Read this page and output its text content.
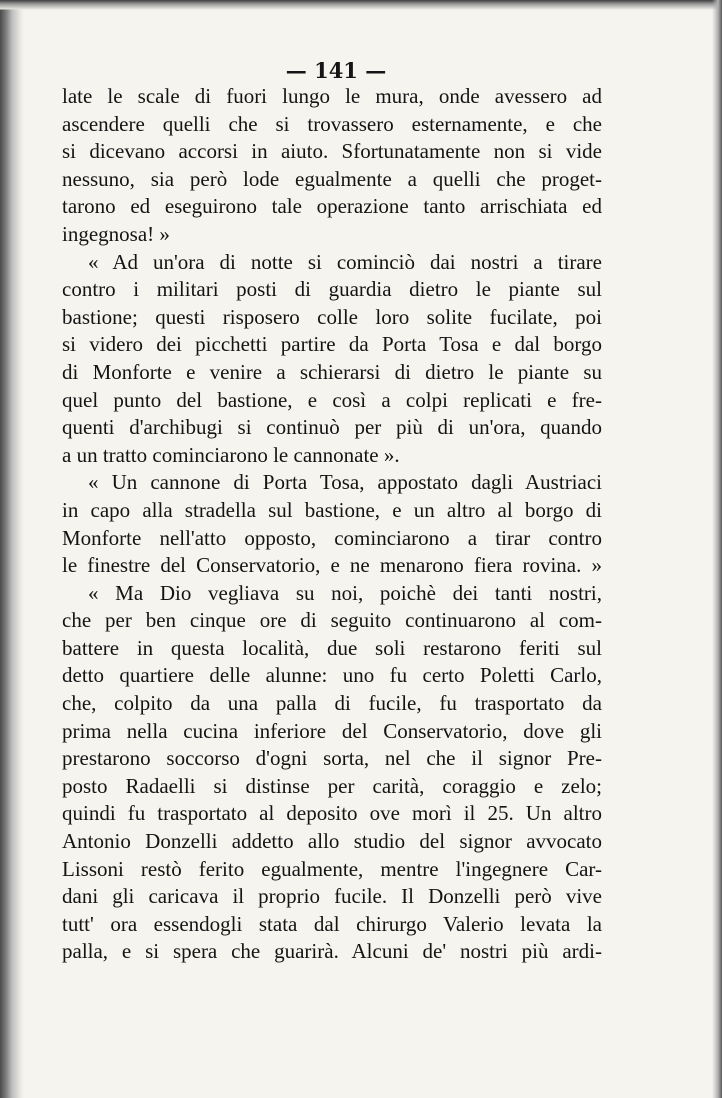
— 141 —
late le scale di fuori lungo le mura, onde avessero ad
ascendere quelli che si trovassero esternamente, e che
si dicevano accorsi in aiuto. Sfortunatamente non si vide
nessuno, sia però lode egualmente a quelli che proget-
tarono ed eseguirono tale operazione tanto arrischiata ed
ingegnosa! »
« Ad un'ora di notte si cominciò dai nostri a tirare
contro i militari posti di guardia dietro le piante sul
bastione; questi risposero colle loro solite fucilate, poi
si videro dei picchetti partire da Porta Tosa e dal borgo
di Monforte e venire a schierarsi di dietro le piante su
quel punto del bastione, e così a colpi replicati e fre-
quenti d'archibugi si continuò per più di un'ora, quando
a un tratto cominciarono le cannonate ».
« Un cannone di Porta Tosa, appostato dagli Austriaci
in capo alla stradella sul bastione, e un altro al borgo di
Monforte nell'atto opposto, cominciarono a tirar contro
le finestre del Conservatorio, e ne menarono fiera rovina. »
« Ma Dio vegliava su noi, poichè dei tanti nostri,
che per ben cinque ore di seguito continuarono al com-
battere in questa località, due soli restarono feriti sul
detto quartiere delle alunne: uno fu certo Poletti Carlo,
che, colpito da una palla di fucile, fu trasportato da
prima nella cucina inferiore del Conservatorio, dove gli
prestarono soccorso d'ogni sorta, nel che il signor Pre-
posto Radaelli si distinse per carità, coraggio e zelo;
quindi fu trasportato al deposito ove morì il 25. Un altro
Antonio Donzelli addetto allo studio del signor avvocato
Lissoni restò ferito egualmente, mentre l'ingegnere Car-
dani gli caricava il proprio fucile. Il Donzelli però vive
tutt' ora essendogli stata dal chirurgo Valerio levata la
palla, e si spera che guarirà. Alcuni de' nostri più ardi-
